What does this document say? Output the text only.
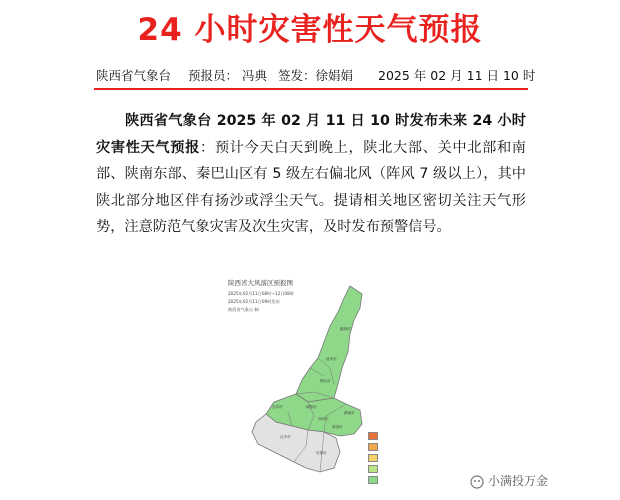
24 小时灾害性天气预报
陕西省气象台 预报员： 冯典 签发：徐娟娟 2025 年 02 月 11 日 10 时
陕西省气象台 2025 年 02 月 11 日 10 时发布未来 24 小时灾害性天气预报：预计今天白天到晚上，陕北大部、关中北部和南部、陕南东部、秦巴山区有 5 级左右偏北风（阵风 7 级以上），其中陕北部分地区伴有扬沙或浮尘天气。提请相关地区密切关注天气形势，注意防范气象灾害及次生灾害，及时发布预警信号。
陕西省大风落区预报图
2025年02月11日08时~12日08时
2025年02月11日09时发布
陕西省气象台 制
榆林市
延安市
铜川市
渭南市
宝鸡市	咸阳市
西安市
商洛市
汉中市
安康市
小满投万金
